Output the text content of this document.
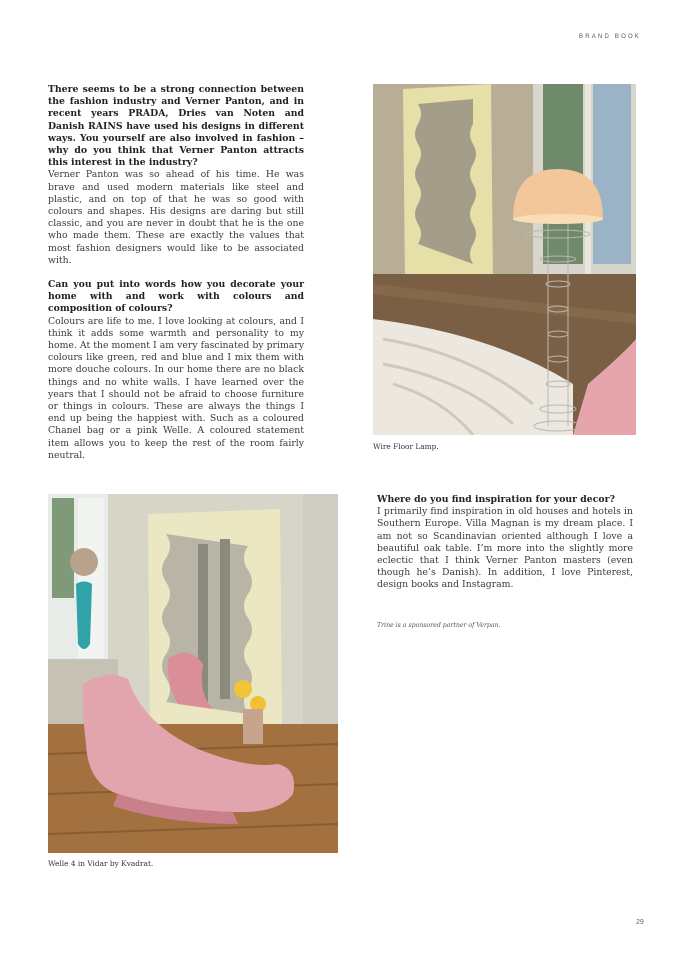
BRAND BOOK

There seems to be a strong connection between the fashion industry and Verner Panton, and in recent years PRADA, Dries van Noten and Danish RAINS have used his designs in different ways. You yourself are also involved in fashion – why do you think that Verner Panton attracts this interest in the industry?

Verner Panton was so ahead of his time. He was brave and used modern materials like steel and plastic, and on top of that he was so good with colours and shapes. His designs are daring but still classic, and you are never in doubt that he is the one who made them. These are exactly the values that most fashion designers would like to be associated with.

Can you put into words how you decorate your home with and work with colours and composition of colours?

Colours are life to me. I love looking at colours, and I think it adds some warmth and personality to my home. At the moment I am very fascinated by primary colours like green, red and blue and I mix them with more douche colours. In our home there are no black things and no white walls. I have learned over the years that I should not be afraid to choose furniture or things in colours. These are always the things I end up being the happiest with. Such as a coloured Chanel bag or a pink Welle. A coloured statement item allows you to keep the rest of the room fairly neutral.

Wire Floor Lamp.
Welle 4 in Vidar by Kvadrat.

Where do you find inspiration for your decor?

I primarily find inspiration in old houses and hotels in Southern Europe. Villa Magnan is my dream place. I am not so Scandinavian oriented although I love a beautiful oak table. I’m more into the slightly more eclectic that I think Verner Panton masters (even though he’s Danish). In addition, I love Pinterest, design books and Instagram.

Trine is a sponsored partner of Verpan.
29
